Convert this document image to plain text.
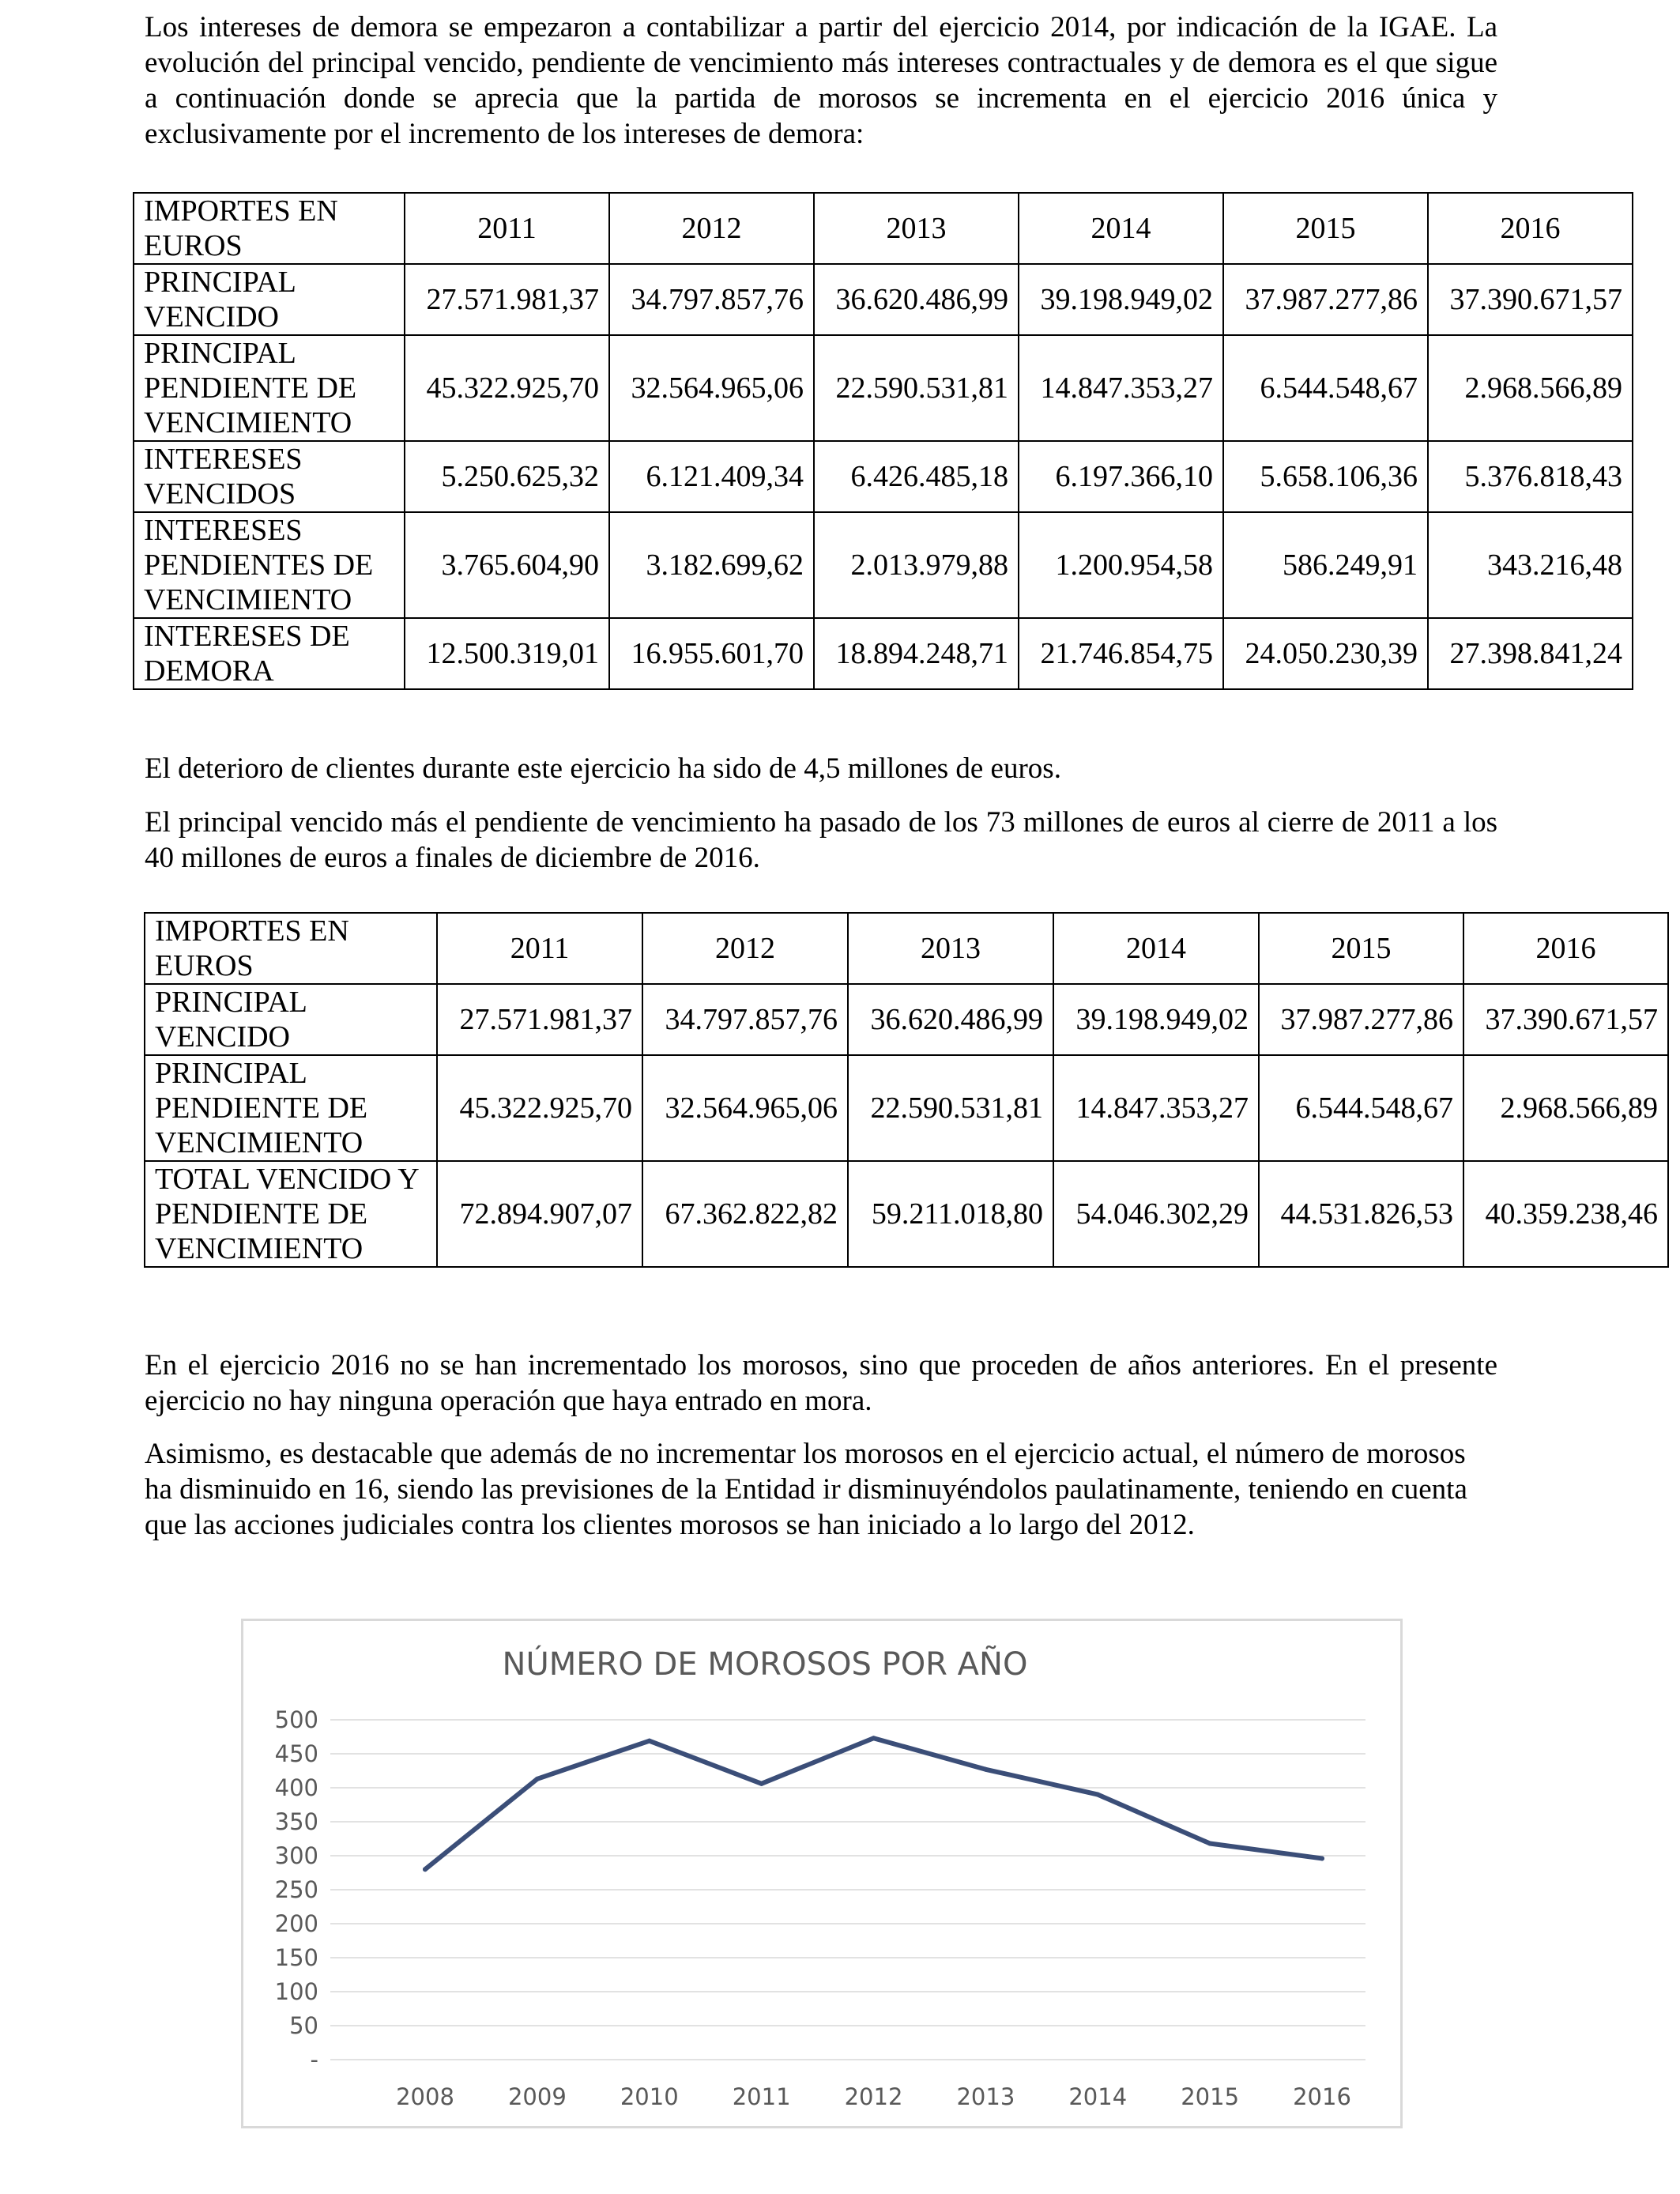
Los intereses de demora se empezaron a contabilizar a partir del ejercicio 2014, por indicación de la IGAE. La evolución del principal vencido, pendiente de vencimiento más intereses contractuales y de demora es el que sigue a continuación donde se aprecia que la partida de morosos se incrementa en el ejercicio 2016 única y exclusivamente por el incremento de los intereses de demora:

IMPORTES EN EUROS	2011	2012	2013	2014	2015	2016
PRINCIPAL VENCIDO	27.571.981,37	34.797.857,76	36.620.486,99	39.198.949,02	37.987.277,86	37.390.671,57
PRINCIPAL PENDIENTE DE VENCIMIENTO	45.322.925,70	32.564.965,06	22.590.531,81	14.847.353,27	6.544.548,67	2.968.566,89
INTERESES VENCIDOS	5.250.625,32	6.121.409,34	6.426.485,18	6.197.366,10	5.658.106,36	5.376.818,43
INTERESES PENDIENTES DE VENCIMIENTO	3.765.604,90	3.182.699,62	2.013.979,88	1.200.954,58	586.249,91	343.216,48
INTERESES DE DEMORA	12.500.319,01	16.955.601,70	18.894.248,71	21.746.854,75	24.050.230,39	27.398.841,24

El deterioro de clientes durante este ejercicio ha sido de 4,5 millones de euros.

El principal vencido más el pendiente de vencimiento ha pasado de los 73 millones de euros al cierre de 2011 a los 40 millones de euros a finales de diciembre de 2016.

IMPORTES EN EUROS	2011	2012	2013	2014	2015	2016
PRINCIPAL VENCIDO	27.571.981,37	34.797.857,76	36.620.486,99	39.198.949,02	37.987.277,86	37.390.671,57
PRINCIPAL PENDIENTE DE VENCIMIENTO	45.322.925,70	32.564.965,06	22.590.531,81	14.847.353,27	6.544.548,67	2.968.566,89
TOTAL VENCIDO Y PENDIENTE DE VENCIMIENTO	72.894.907,07	67.362.822,82	59.211.018,80	54.046.302,29	44.531.826,53	40.359.238,46

En el ejercicio 2016 no se han incrementado los morosos, sino que proceden de años anteriores. En el presente ejercicio no hay ninguna operación que haya entrado en mora.

Asimismo, es destacable que además de no incrementar los morosos en el ejercicio actual, el número de morosos ha disminuido en 16, siendo las previsiones de la Entidad ir disminuyéndolos paulatinamente, teniendo en cuenta que las acciones judiciales contra los clientes morosos se han iniciado a lo largo del 2012.

NÚMERO DE MOROSOS POR AÑO
-
50
100
150
200
250
300
350
400
450
500
2008 2009 2010 2011 2012 2013 2014 2015 2016
